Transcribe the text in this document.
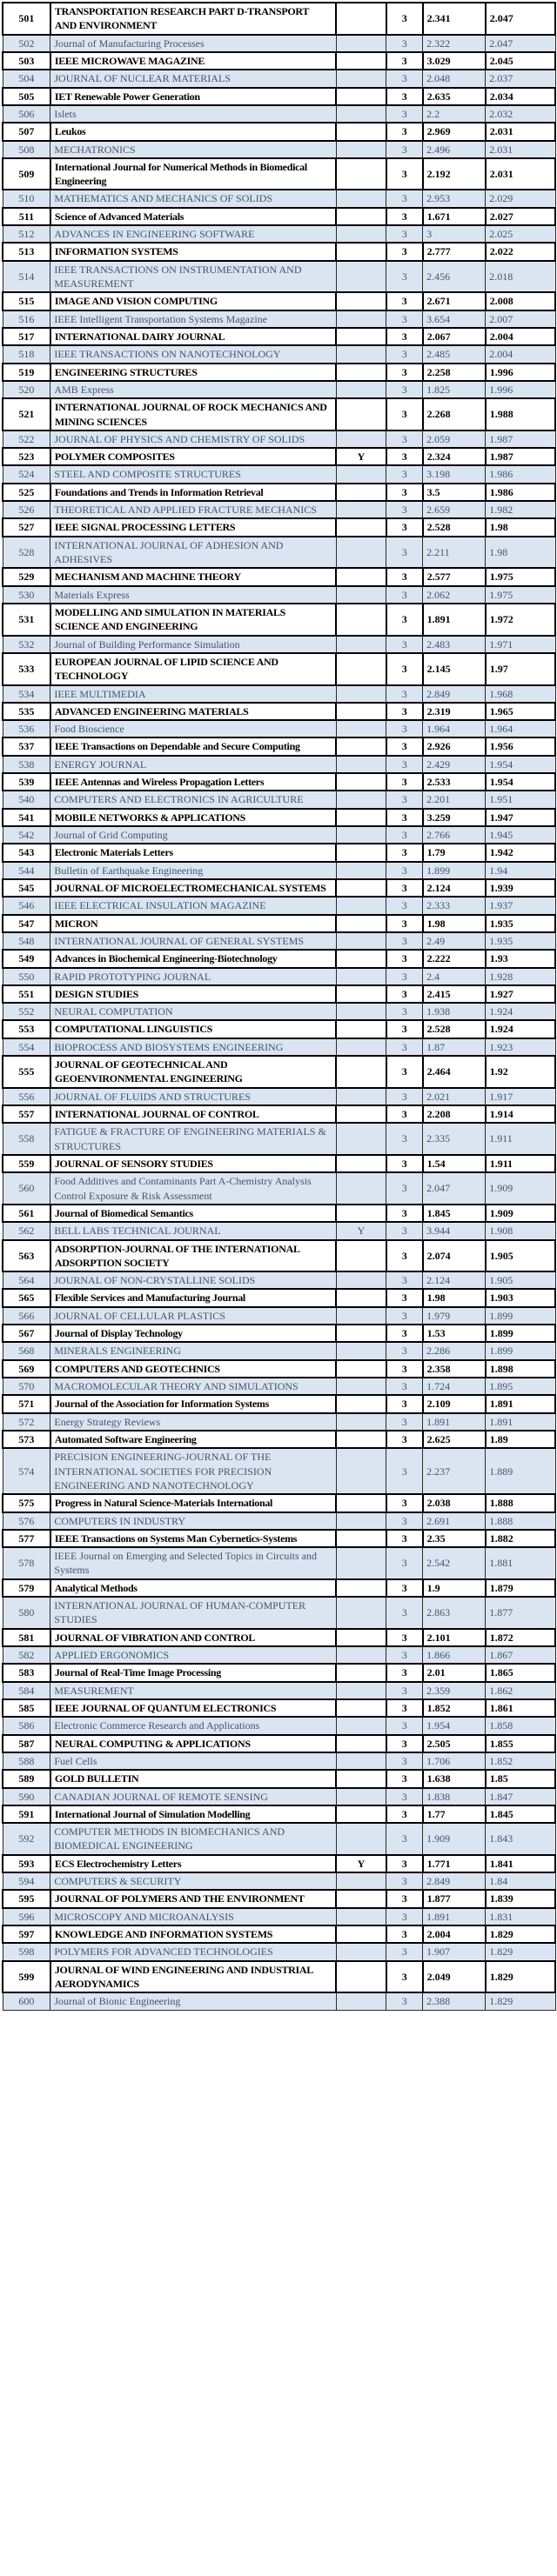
501	TRANSPORTATION RESEARCH PART D-TRANSPORT AND ENVIRONMENT		3	2.341	2.047
502	Journal of Manufacturing Processes		3	2.322	2.047
503	IEEE MICROWAVE MAGAZINE		3	3.029	2.045
504	JOURNAL OF NUCLEAR MATERIALS		3	2.048	2.037
505	IET Renewable Power Generation		3	2.635	2.034
506	Islets		3	2.2	2.032
507	Leukos		3	2.969	2.031
508	MECHATRONICS		3	2.496	2.031
509	International Journal for Numerical Methods in Biomedical Engineering		3	2.192	2.031
510	MATHEMATICS AND MECHANICS OF SOLIDS		3	2.953	2.029
511	Science of Advanced Materials		3	1.671	2.027
512	ADVANCES IN ENGINEERING SOFTWARE		3	3	2.025
513	INFORMATION SYSTEMS		3	2.777	2.022
514	IEEE TRANSACTIONS ON INSTRUMENTATION AND MEASUREMENT		3	2.456	2.018
515	IMAGE AND VISION COMPUTING		3	2.671	2.008
516	IEEE Intelligent Transportation Systems Magazine		3	3.654	2.007
517	INTERNATIONAL DAIRY JOURNAL		3	2.067	2.004
518	IEEE TRANSACTIONS ON NANOTECHNOLOGY		3	2.485	2.004
519	ENGINEERING STRUCTURES		3	2.258	1.996
520	AMB Express		3	1.825	1.996
521	INTERNATIONAL JOURNAL OF ROCK MECHANICS AND MINING SCIENCES		3	2.268	1.988
522	JOURNAL OF PHYSICS AND CHEMISTRY OF SOLIDS		3	2.059	1.987
523	POLYMER COMPOSITES	Y	3	2.324	1.987
524	STEEL AND COMPOSITE STRUCTURES		3	3.198	1.986
525	Foundations and Trends in Information Retrieval		3	3.5	1.986
526	THEORETICAL AND APPLIED FRACTURE MECHANICS		3	2.659	1.982
527	IEEE SIGNAL PROCESSING LETTERS		3	2.528	1.98
528	INTERNATIONAL JOURNAL OF ADHESION AND ADHESIVES		3	2.211	1.98
529	MECHANISM AND MACHINE THEORY		3	2.577	1.975
530	Materials Express		3	2.062	1.975
531	MODELLING AND SIMULATION IN MATERIALS SCIENCE AND ENGINEERING		3	1.891	1.972
532	Journal of Building Performance Simulation		3	2.483	1.971
533	EUROPEAN JOURNAL OF LIPID SCIENCE AND TECHNOLOGY		3	2.145	1.97
534	IEEE MULTIMEDIA		3	2.849	1.968
535	ADVANCED ENGINEERING MATERIALS		3	2.319	1.965
536	Food Bioscience		3	1.964	1.964
537	IEEE Transactions on Dependable and Secure Computing		3	2.926	1.956
538	ENERGY JOURNAL		3	2.429	1.954
539	IEEE Antennas and Wireless Propagation Letters		3	2.533	1.954
540	COMPUTERS AND ELECTRONICS IN AGRICULTURE		3	2.201	1.951
541	MOBILE NETWORKS & APPLICATIONS		3	3.259	1.947
542	Journal of Grid Computing		3	2.766	1.945
543	Electronic Materials Letters		3	1.79	1.942
544	Bulletin of Earthquake Engineering		3	1.899	1.94
545	JOURNAL OF MICROELECTROMECHANICAL SYSTEMS		3	2.124	1.939
546	IEEE ELECTRICAL INSULATION MAGAZINE		3	2.333	1.937
547	MICRON		3	1.98	1.935
548	INTERNATIONAL JOURNAL OF GENERAL SYSTEMS		3	2.49	1.935
549	Advances in Biochemical Engineering-Biotechnology		3	2.222	1.93
550	RAPID PROTOTYPING JOURNAL		3	2.4	1.928
551	DESIGN STUDIES		3	2.415	1.927
552	NEURAL COMPUTATION		3	1.938	1.924
553	COMPUTATIONAL LINGUISTICS		3	2.528	1.924
554	BIOPROCESS AND BIOSYSTEMS ENGINEERING		3	1.87	1.923
555	JOURNAL OF GEOTECHNICAL AND GEOENVIRONMENTAL ENGINEERING		3	2.464	1.92
556	JOURNAL OF FLUIDS AND STRUCTURES		3	2.021	1.917
557	INTERNATIONAL JOURNAL OF CONTROL		3	2.208	1.914
558	FATIGUE & FRACTURE OF ENGINEERING MATERIALS & STRUCTURES		3	2.335	1.911
559	JOURNAL OF SENSORY STUDIES		3	1.54	1.911
560	Food Additives and Contaminants Part A-Chemistry Analysis Control Exposure & Risk Assessment		3	2.047	1.909
561	Journal of Biomedical Semantics		3	1.845	1.909
562	BELL LABS TECHNICAL JOURNAL	Y	3	3.944	1.908
563	ADSORPTION-JOURNAL OF THE INTERNATIONAL ADSORPTION SOCIETY		3	2.074	1.905
564	JOURNAL OF NON-CRYSTALLINE SOLIDS		3	2.124	1.905
565	Flexible Services and Manufacturing Journal		3	1.98	1.903
566	JOURNAL OF CELLULAR PLASTICS		3	1.979	1.899
567	Journal of Display Technology		3	1.53	1.899
568	MINERALS ENGINEERING		3	2.286	1.899
569	COMPUTERS AND GEOTECHNICS		3	2.358	1.898
570	MACROMOLECULAR THEORY AND SIMULATIONS		3	1.724	1.895
571	Journal of the Association for Information Systems		3	2.109	1.891
572	Energy Strategy Reviews		3	1.891	1.891
573	Automated Software Engineering		3	2.625	1.89
574	PRECISION ENGINEERING-JOURNAL OF THE INTERNATIONAL SOCIETIES FOR PRECISION ENGINEERING AND NANOTECHNOLOGY		3	2.237	1.889
575	Progress in Natural Science-Materials International		3	2.038	1.888
576	COMPUTERS IN INDUSTRY		3	2.691	1.888
577	IEEE Transactions on Systems Man Cybernetics-Systems		3	2.35	1.882
578	IEEE Journal on Emerging and Selected Topics in Circuits and Systems		3	2.542	1.881
579	Analytical Methods		3	1.9	1.879
580	INTERNATIONAL JOURNAL OF HUMAN-COMPUTER STUDIES		3	2.863	1.877
581	JOURNAL OF VIBRATION AND CONTROL		3	2.101	1.872
582	APPLIED ERGONOMICS		3	1.866	1.867
583	Journal of Real-Time Image Processing		3	2.01	1.865
584	MEASUREMENT		3	2.359	1.862
585	IEEE JOURNAL OF QUANTUM ELECTRONICS		3	1.852	1.861
586	Electronic Commerce Research and Applications		3	1.954	1.858
587	NEURAL COMPUTING & APPLICATIONS		3	2.505	1.855
588	Fuel Cells		3	1.706	1.852
589	GOLD BULLETIN		3	1.638	1.85
590	CANADIAN JOURNAL OF REMOTE SENSING		3	1.838	1.847
591	International Journal of Simulation Modelling		3	1.77	1.845
592	COMPUTER METHODS IN BIOMECHANICS AND BIOMEDICAL ENGINEERING		3	1.909	1.843
593	ECS Electrochemistry Letters	Y	3	1.771	1.841
594	COMPUTERS & SECURITY		3	2.849	1.84
595	JOURNAL OF POLYMERS AND THE ENVIRONMENT		3	1.877	1.839
596	MICROSCOPY AND MICROANALYSIS		3	1.891	1.831
597	KNOWLEDGE AND INFORMATION SYSTEMS		3	2.004	1.829
598	POLYMERS FOR ADVANCED TECHNOLOGIES		3	1.907	1.829
599	JOURNAL OF WIND ENGINEERING AND INDUSTRIAL AERODYNAMICS		3	2.049	1.829
600	Journal of Bionic Engineering		3	2.388	1.829
